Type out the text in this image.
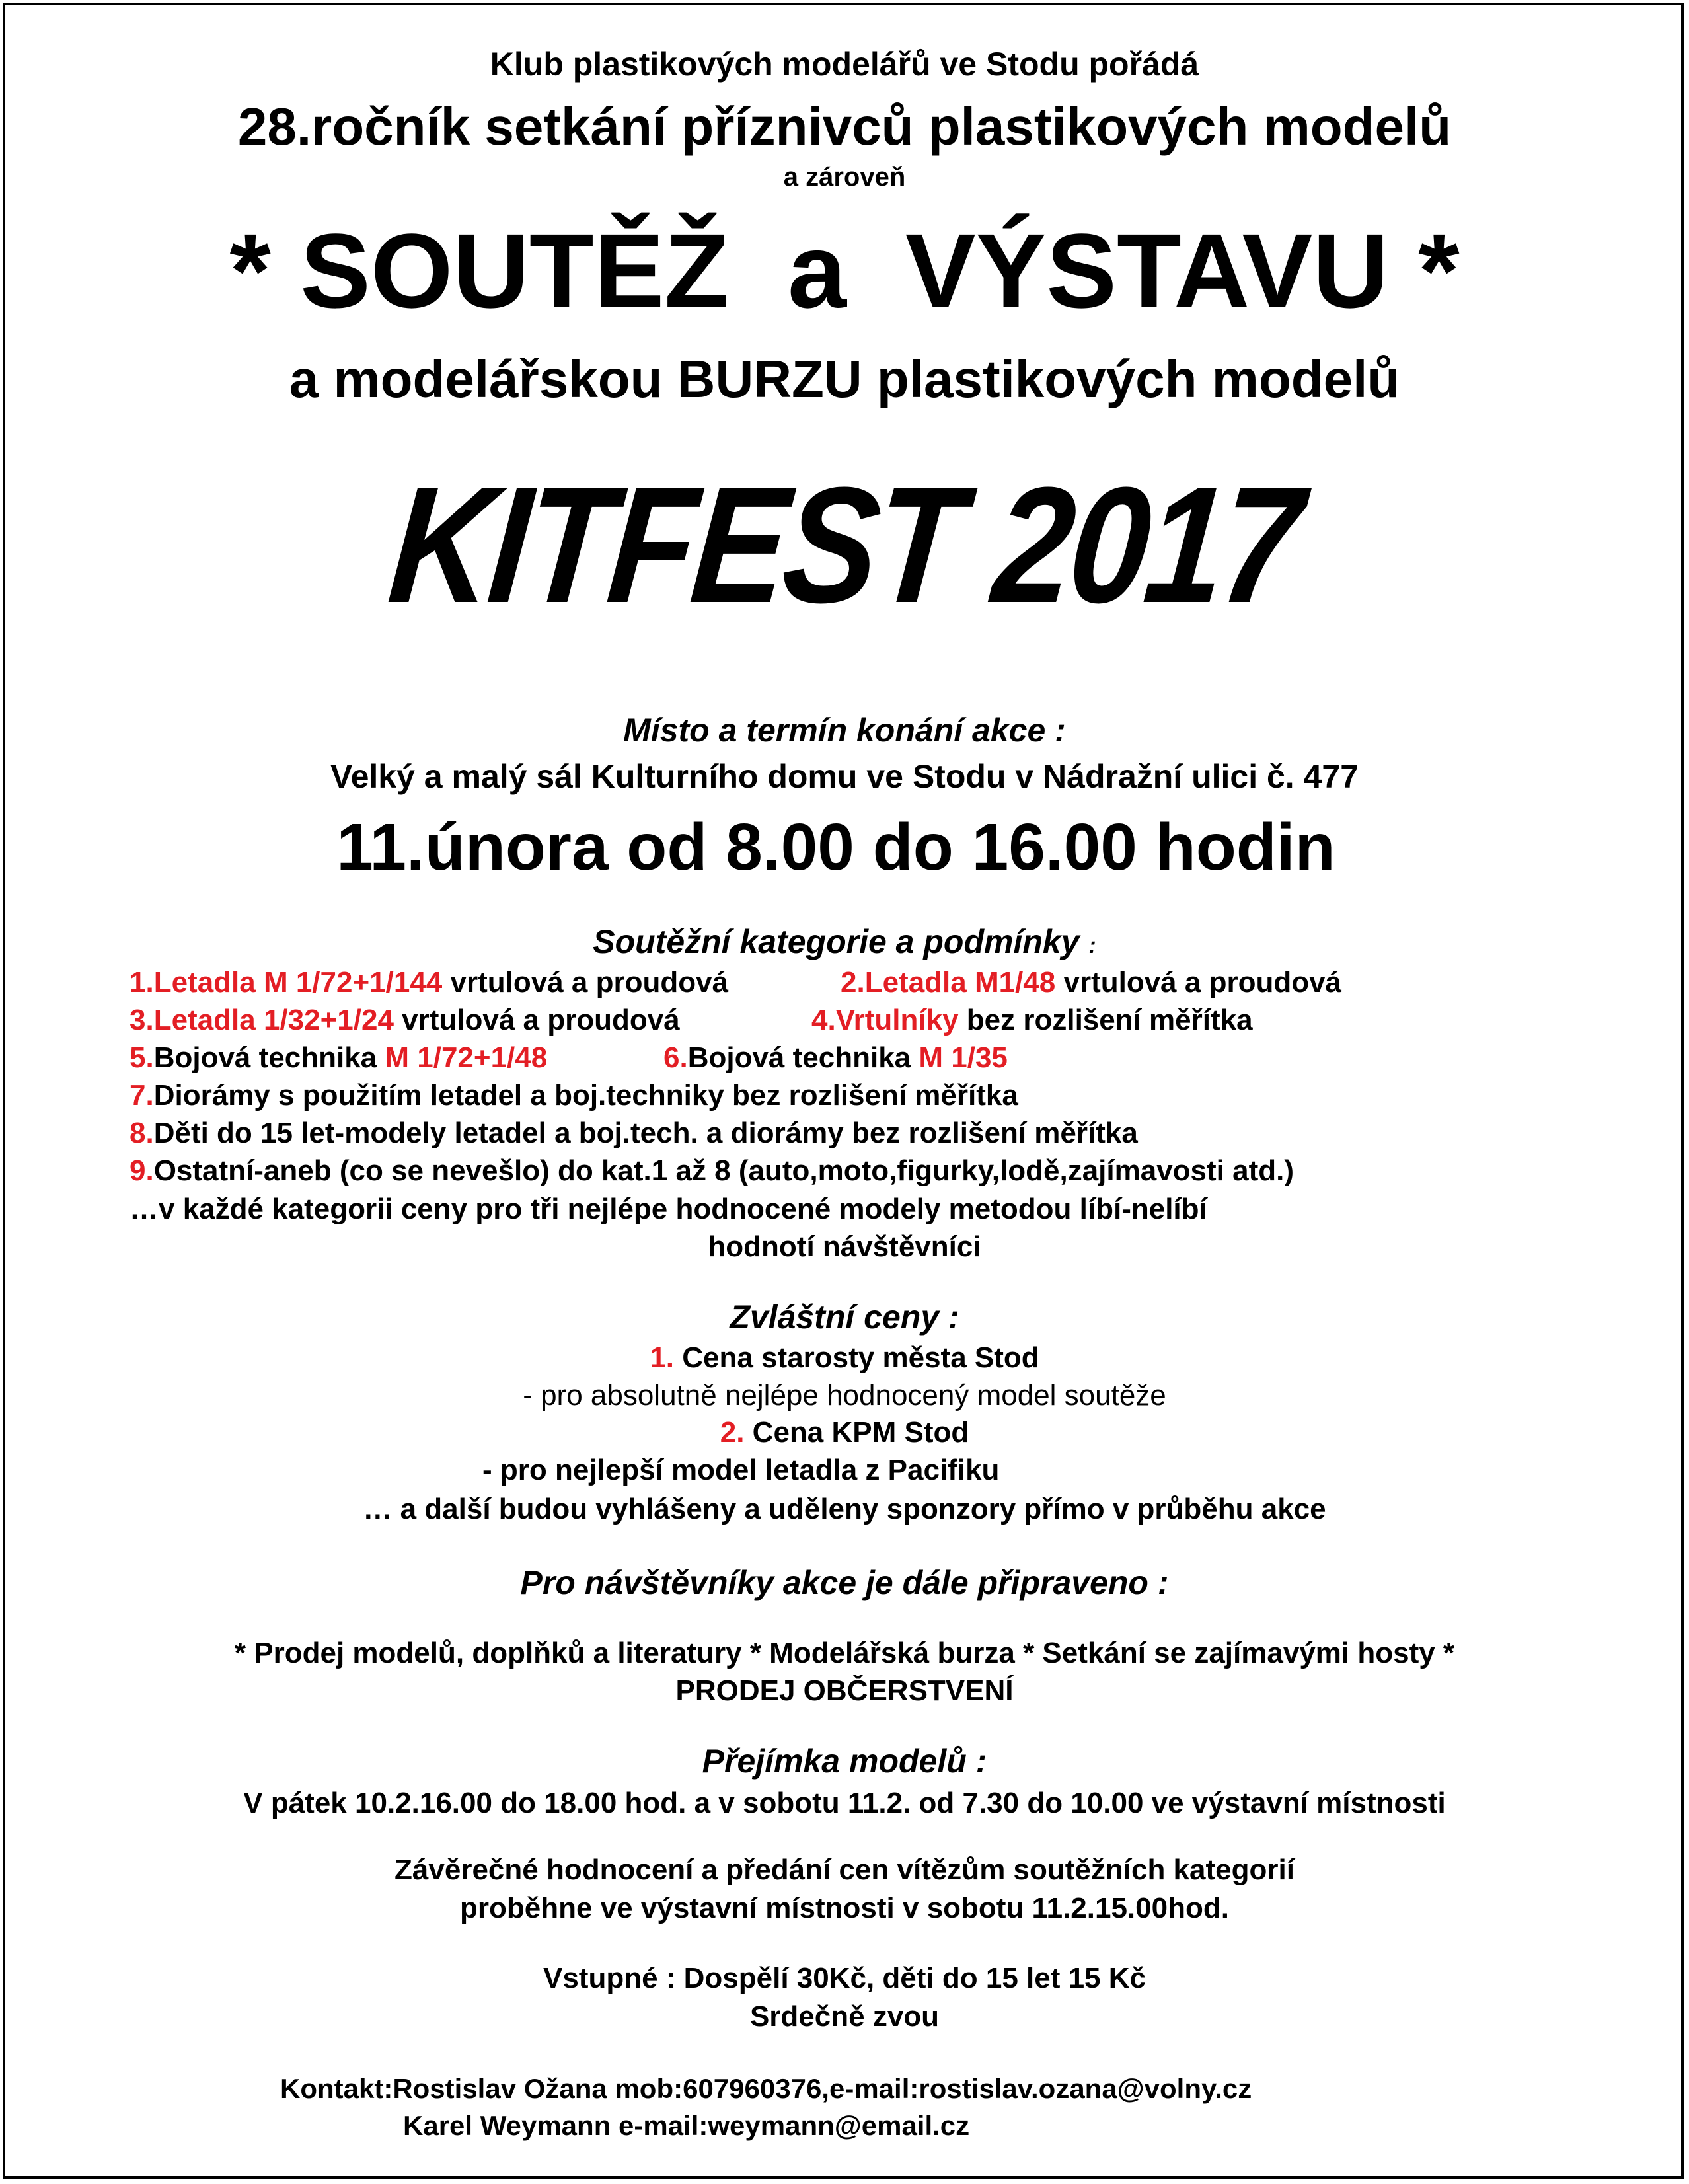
Klub plastikových modelářů ve Stodu pořádá
28.ročník setkání příznivců plastikových modelů
a zároveň
* SOUTĚŽ  a  VÝSTAVU *
a modelářskou BURZU plastikových modelů
KITFEST 2017
Místo a termín konání akce :
Velký a malý sál Kulturního domu ve Stodu v Nádražní ulici č. 477
11.února od 8.00 do 16.00 hodin
Soutěžní kategorie a podmínky :
1.Letadla M 1/72+1/144 vrtulová a proudová	2.Letadla M1/48 vrtulová a proudová
3.Letadla 1/32+1/24 vrtulová a proudová	4.Vrtulníky bez rozlišení měřítka
5.Bojová technika M 1/72+1/48	6.Bojová technika M 1/35
7.Diorámy s použitím letadel a boj.techniky bez rozlišení měřítka
8.Děti do 15 let-modely letadel a boj.tech. a diorámy bez rozlišení měřítka
9.Ostatní-aneb (co se nevešlo) do kat.1 až 8 (auto,moto,figurky,lodě,zajímavosti atd.)
…v každé kategorii ceny pro tři nejlépe hodnocené modely metodou líbí-nelíbí
hodnotí návštěvníci
Zvláštní ceny :
1. Cena starosty města Stod
- pro absolutně nejlépe hodnocený model soutěže
2. Cena KPM Stod
- pro nejlepší model letadla z Pacifiku
… a další budou vyhlášeny a uděleny sponzory přímo v průběhu akce
Pro návštěvníky akce je dále připraveno :
* Prodej modelů, doplňků a literatury * Modelářská burza * Setkání se zajímavými hosty *
PRODEJ OBČERSTVENÍ
Přejímka modelů :
V pátek 10.2.16.00 do 18.00 hod. a v sobotu 11.2. od 7.30 do 10.00 ve výstavní místnosti
Závěrečné hodnocení a předání cen vítězům soutěžních kategorií
proběhne ve výstavní místnosti v sobotu 11.2.15.00hod.
Vstupné : Dospělí 30Kč, děti do 15 let 15 Kč
Srdečně zvou
Kontakt:Rostislav Ožana mob:607960376,e-mail:rostislav.ozana@volny.cz
Karel Weymann e-mail:weymann@email.cz
